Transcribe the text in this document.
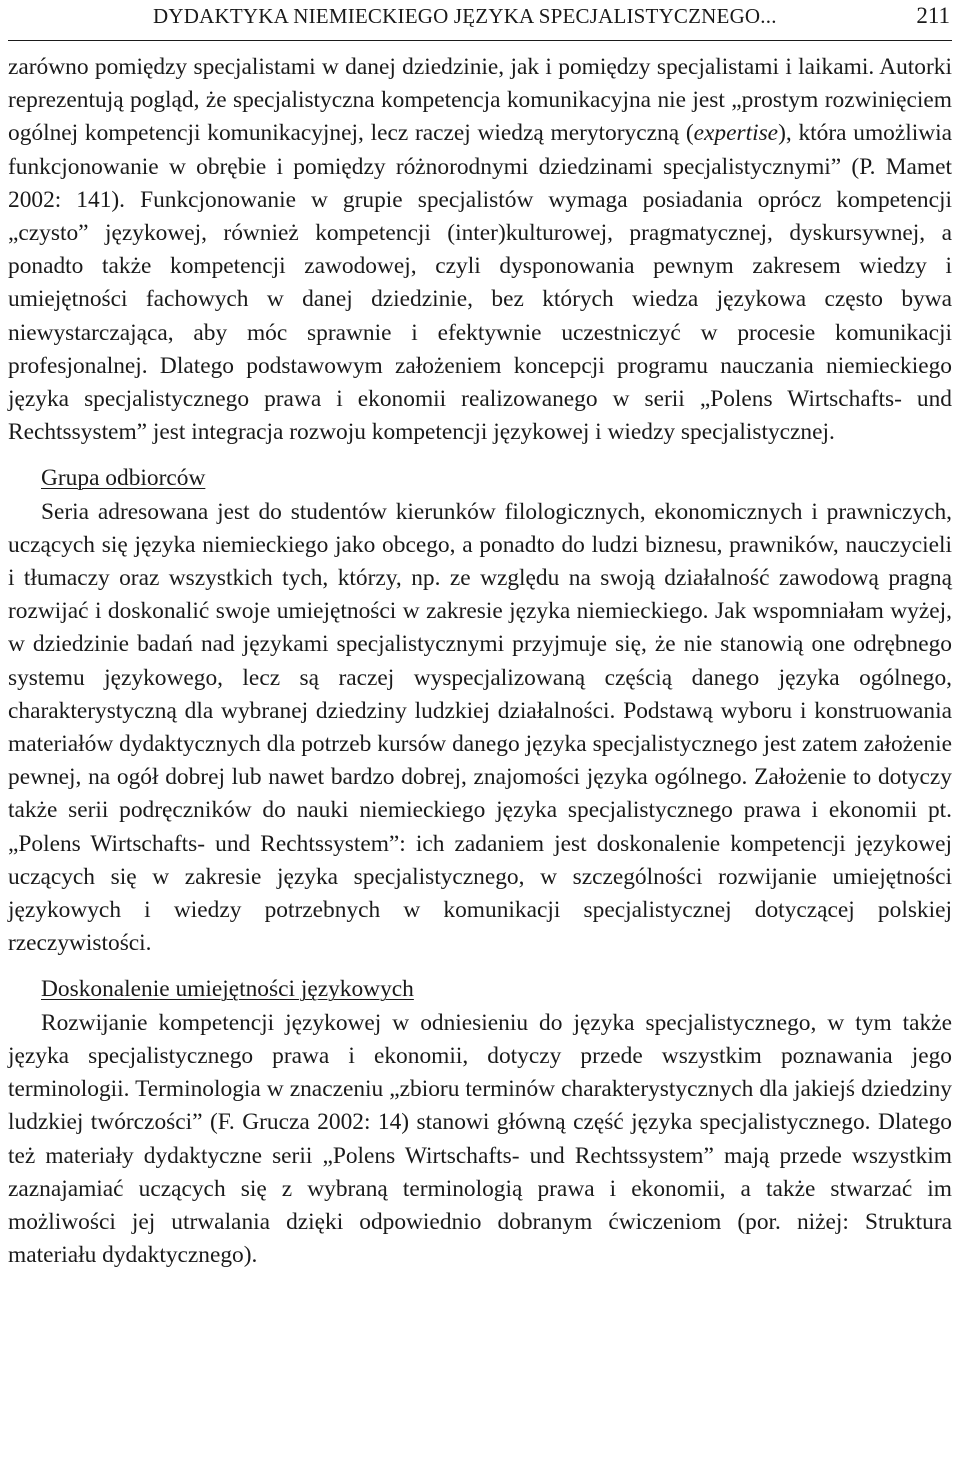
DYDAKTYKA NIEMIECKIEGO JĘZYKA SPECJALISTYCZNEGO...	211

zarówno pomiędzy specjalistami w danej dziedzinie, jak i pomiędzy specjalistami i laikami. Autorki reprezentują pogląd, że specjalistyczna kompetencja komunikacyjna nie jest „prostym rozwinięciem ogólnej kompetencji komunikacyjnej, lecz raczej wiedzą merytoryczną (expertise), która umożliwia funkcjonowanie w obrębie i pomiędzy różnorodnymi dziedzinami specjalistycznymi” (P. Mamet 2002: 141). Funkcjonowanie w grupie specjalistów wymaga posiadania oprócz kompetencji „czysto” językowej, również kompetencji (inter)kulturowej, pragmatycznej, dyskursywnej, a ponadto także kompetencji zawodowej, czyli dysponowania pewnym zakresem wiedzy i umiejętności fachowych w danej dziedzinie, bez których wiedza językowa często bywa niewystarczająca, aby móc sprawnie i efektywnie uczestniczyć w procesie komunikacji profesjonalnej. Dlatego podstawowym założeniem koncepcji programu nauczania niemieckiego języka specjalistycznego prawa i ekonomii realizowanego w serii „Polens Wirtschafts- und Rechtssystem” jest integracja rozwoju kompetencji językowej i wiedzy specjalistycznej.

Grupa odbiorców

Seria adresowana jest do studentów kierunków filologicznych, ekonomicznych i prawniczych, uczących się języka niemieckiego jako obcego, a ponadto do ludzi biznesu, prawników, nauczycieli i tłumaczy oraz wszystkich tych, którzy, np. ze względu na swoją działalność zawodową pragną rozwijać i doskonalić swoje umiejętności w zakresie języka niemieckiego. Jak wspomniałam wyżej, w dziedzinie badań nad językami specjalistycznymi przyjmuje się, że nie stanowią one odrębnego systemu językowego, lecz są raczej wyspecjalizowaną częścią danego języka ogólnego, charakterystyczną dla wybranej dziedziny ludzkiej działalności. Podstawą wyboru i konstruowania materiałów dydaktycznych dla potrzeb kursów danego języka specjalistycznego jest zatem założenie pewnej, na ogół dobrej lub nawet bardzo dobrej, znajomości języka ogólnego. Założenie to dotyczy także serii podręczników do nauki niemieckiego języka specjalistycznego prawa i ekonomii pt. „Polens Wirtschafts- und Rechtssystem”: ich zadaniem jest doskonalenie kompetencji językowej uczących się w zakresie języka specjalistycznego, w szczególności rozwijanie umiejętności językowych i wiedzy potrzebnych w komunikacji specjalistycznej dotyczącej polskiej rzeczywistości.

Doskonalenie umiejętności językowych

Rozwijanie kompetencji językowej w odniesieniu do języka specjalistycznego, w tym także języka specjalistycznego prawa i ekonomii, dotyczy przede wszystkim poznawania jego terminologii. Terminologia w znaczeniu „zbioru terminów charakterystycznych dla jakiejś dziedziny ludzkiej twórczości” (F. Grucza 2002: 14) stanowi główną część języka specjalistycznego. Dlatego też materiały dydaktyczne serii „Polens Wirtschafts- und Rechtssystem” mają przede wszystkim zaznajamiać uczących się z wybraną terminologią prawa i ekonomii, a także stwarzać im możliwości jej utrwalania dzięki odpowiednio dobranym ćwiczeniom (por. niżej: Struktura materiału dydaktycznego).
